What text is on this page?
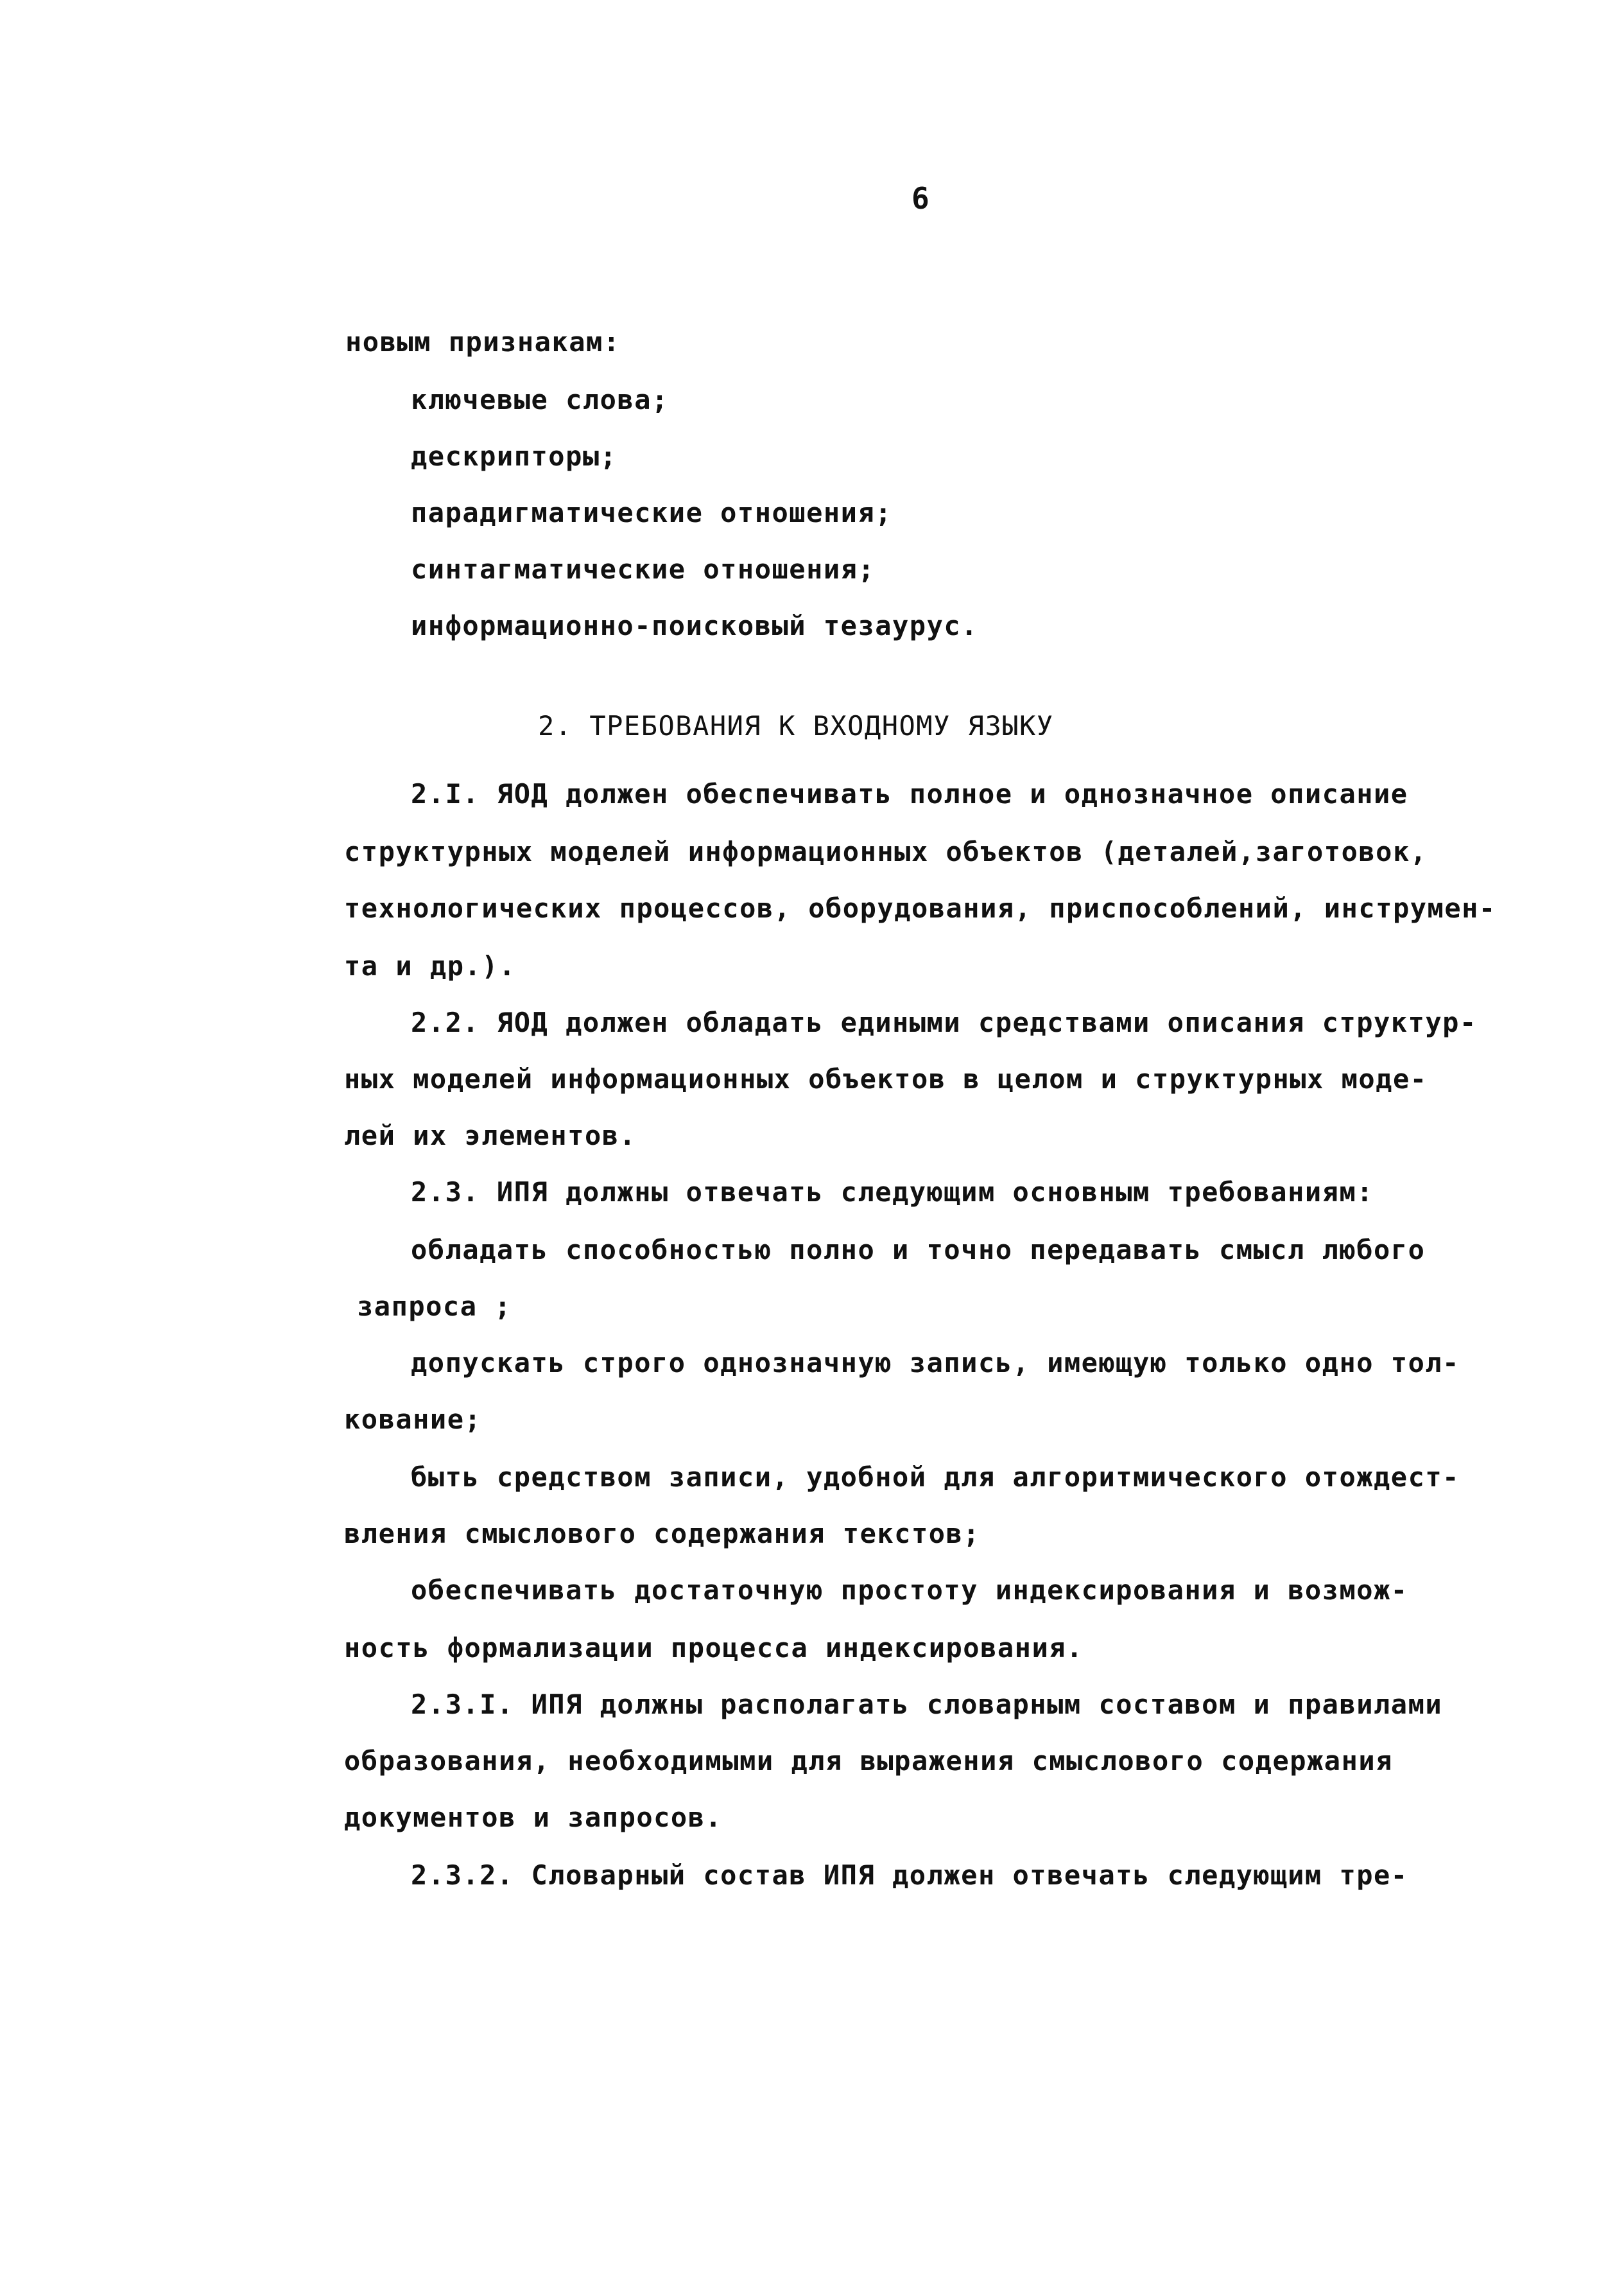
6
новым признакам:
ключевые слова;
дескрипторы;
парадигматические отношения;
синтагматические отношения;
информационно-поисковый тезаурус.
2. ТРЕБОВАНИЯ К ВХОДНОМУ ЯЗЫКУ
2.I. ЯОД должен обеспечивать полное и однозначное описание
структурных моделей информационных объектов (деталей,заготовок,
технологических процессов, оборудования, приспособлений, инструмен-
та и др.).
2.2. ЯОД должен обладать едиными средствами описания структур-
ных моделей информационных объектов в целом и структурных моде-
лей их элементов.
2.3. ИПЯ должны отвечать следующим основным требованиям:
обладать способностью полно и точно передавать смысл любого
запроса ;
допускать строго однозначную запись, имеющую только одно тол-
кование;
быть средством записи, удобной для алгоритмического отождест-
вления смыслового содержания текстов;
обеспечивать достаточную простоту индексирования и возмож-
ность формализации процесса индексирования.
2.3.I. ИПЯ должны располагать словарным составом и правилами
образования, необходимыми для выражения смыслового содержания
документов и запросов.
2.3.2. Словарный состав ИПЯ должен отвечать следующим тре-
